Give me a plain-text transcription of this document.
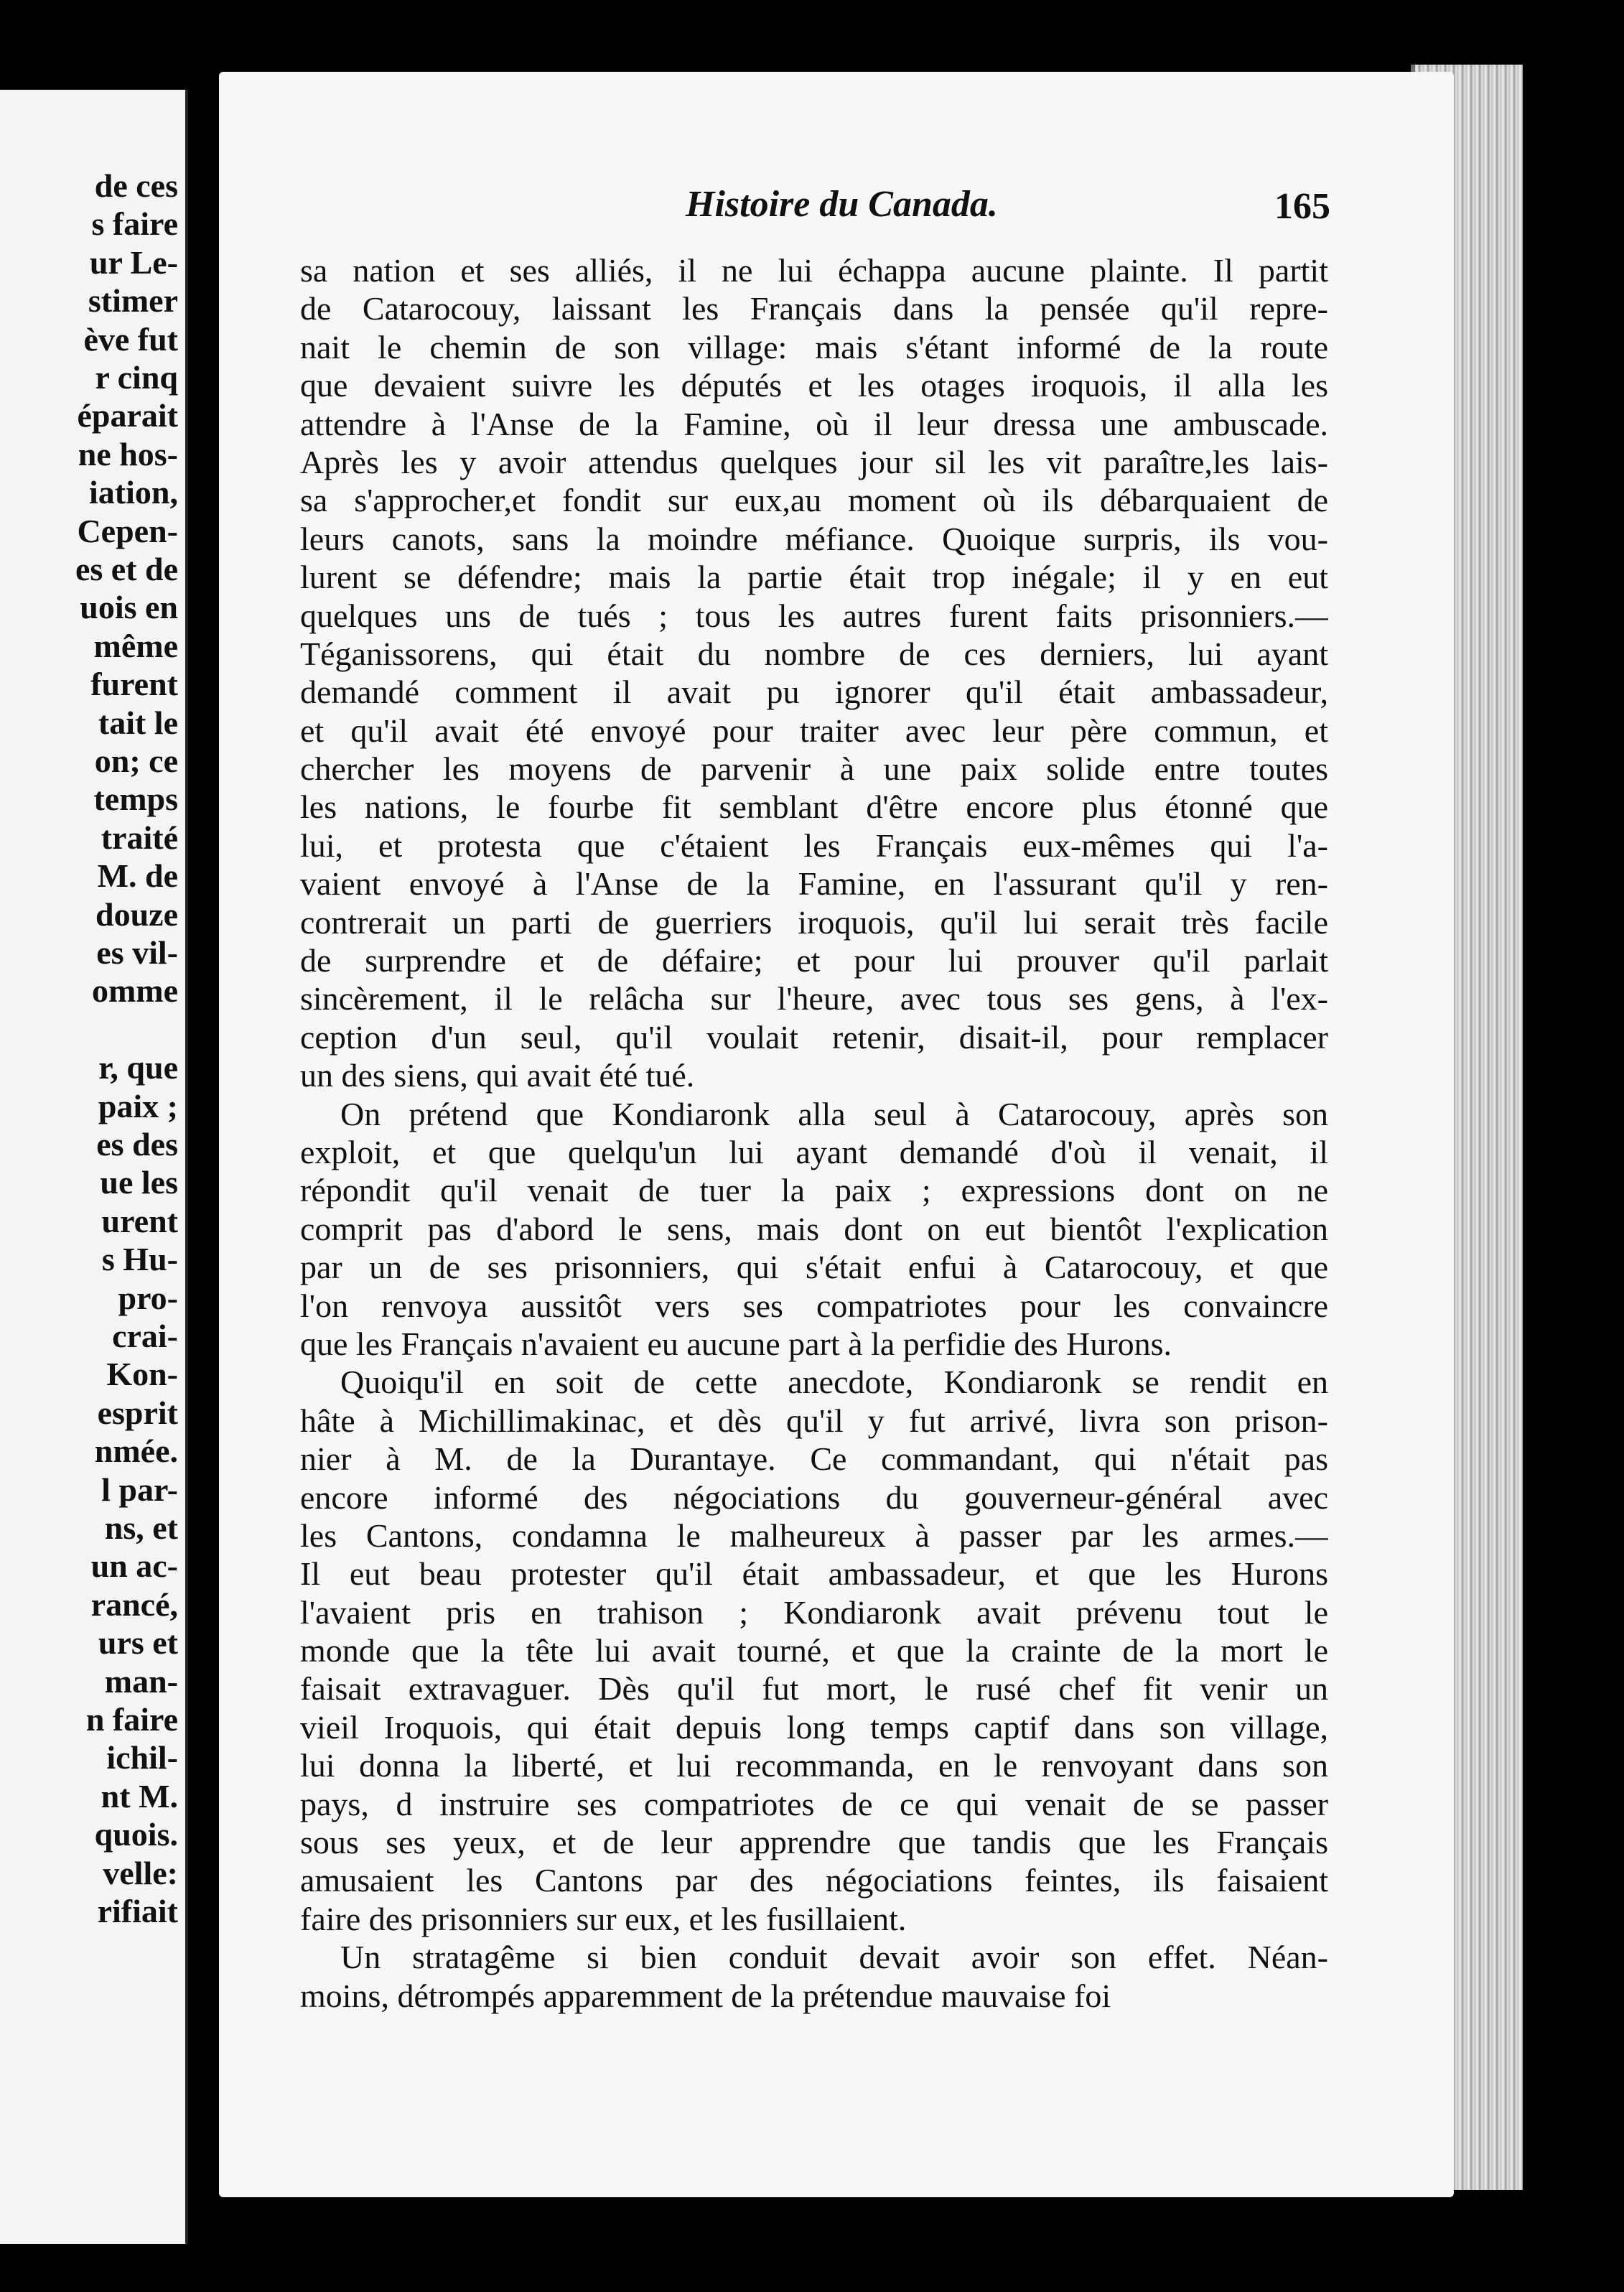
de ces
s faire
ur Le-
stimer
ève fut
r cinq
éparait
ne hos-
iation,
Cepen-
es et de
uois en
même
furent
tait le
on; ce
temps
traité
M. de
douze
es vil-
omme
r, que
paix ;
es des
ue les
urent
s Hu-
pro-
crai-
Kon-
esprit
nmée.
l par-
ns, et
un ac-
rancé,
urs et
man-
n faire
ichil-
nt M.
quois.
velle:
rifiait
Histoire du Canada.	165
sa nation et ses alliés, il ne lui échappa aucune plainte. Il partit
de Catarocouy, laissant les Français dans la pensée qu'il repre-
nait le chemin de son village: mais s'étant informé de la route
que devaient suivre les députés et les otages iroquois, il alla les
attendre à l'Anse de la Famine, où il leur dressa une ambuscade.
Après les y avoir attendus quelques jour sil les vit paraître,les lais-
sa s'approcher,et fondit sur eux,au moment où ils débarquaient de
leurs canots, sans la moindre méfiance. Quoique surpris, ils vou-
lurent se défendre; mais la partie était trop inégale; il y en eut
quelques uns de tués ; tous les autres furent faits prisonniers.—
Téganissorens, qui était du nombre de ces derniers, lui ayant
demandé comment il avait pu ignorer qu'il était ambassadeur,
et qu'il avait été envoyé pour traiter avec leur père commun, et
chercher les moyens de parvenir à une paix solide entre toutes
les nations, le fourbe fit semblant d'être encore plus étonné que
lui, et protesta que c'étaient les Français eux-mêmes qui l'a-
vaient envoyé à l'Anse de la Famine, en l'assurant qu'il y ren-
contrerait un parti de guerriers iroquois, qu'il lui serait très facile
de surprendre et de défaire; et pour lui prouver qu'il parlait
sincèrement, il le relâcha sur l'heure, avec tous ses gens, à l'ex-
ception d'un seul, qu'il voulait retenir, disait-il, pour remplacer
un des siens, qui avait été tué.
On prétend que Kondiaronk alla seul à Catarocouy, après son
exploit, et que quelqu'un lui ayant demandé d'où il venait, il
répondit qu'il venait de tuer la paix ; expressions dont on ne
comprit pas d'abord le sens, mais dont on eut bientôt l'explication
par un de ses prisonniers, qui s'était enfui à Catarocouy, et que
l'on renvoya aussitôt vers ses compatriotes pour les convaincre
que les Français n'avaient eu aucune part à la perfidie des Hurons.
Quoiqu'il en soit de cette anecdote, Kondiaronk se rendit en
hâte à Michillimakinac, et dès qu'il y fut arrivé, livra son prison-
nier à M. de la Durantaye. Ce commandant, qui n'était pas
encore informé des négociations du gouverneur-général avec
les Cantons, condamna le malheureux à passer par les armes.—
Il eut beau protester qu'il était ambassadeur, et que les Hurons
l'avaient pris en trahison ; Kondiaronk avait prévenu tout le
monde que la tête lui avait tourné, et que la crainte de la mort le
faisait extravaguer. Dès qu'il fut mort, le rusé chef fit venir un
vieil Iroquois, qui était depuis long temps captif dans son village,
lui donna la liberté, et lui recommanda, en le renvoyant dans son
pays, d instruire ses compatriotes de ce qui venait de se passer
sous ses yeux, et de leur apprendre que tandis que les Français
amusaient les Cantons par des négociations feintes, ils faisaient
faire des prisonniers sur eux, et les fusillaient.
Un stratagême si bien conduit devait avoir son effet. Néan-
moins, détrompés apparemment de la prétendue mauvaise foi
